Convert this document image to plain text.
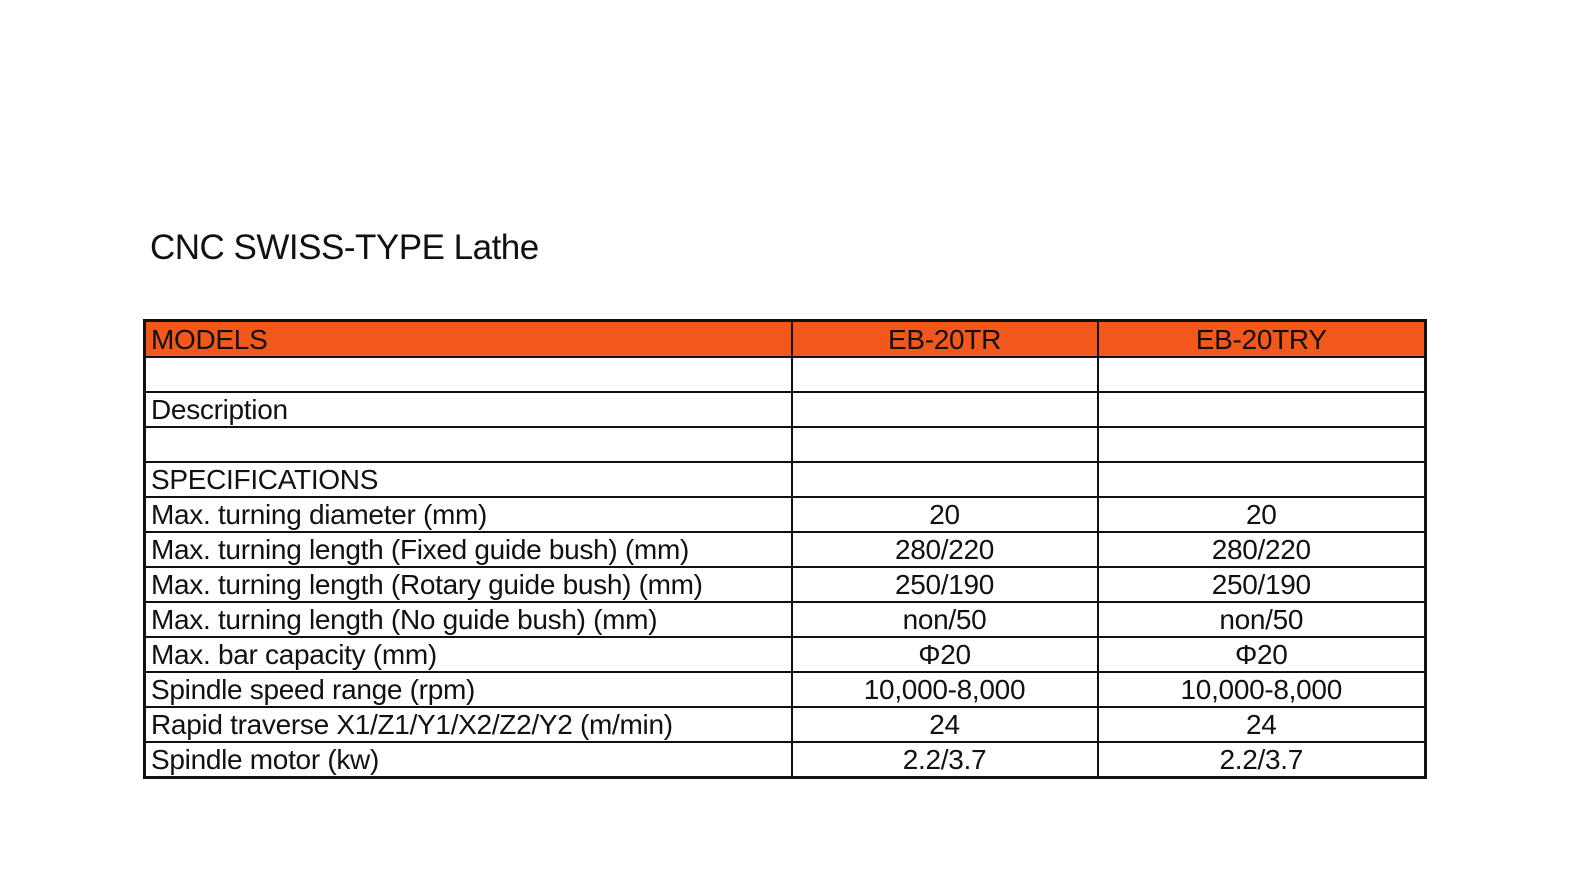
CNC SWISS-TYPE Lathe
MODELS	EB-20TR	EB-20TRY

Description		

SPECIFICATIONS		
Max. turning diameter (mm)	20	20
Max. turning length (Fixed guide bush) (mm)	280/220	280/220
Max. turning length (Rotary guide bush) (mm)	250/190	250/190
Max. turning length (No guide bush) (mm)	non/50	non/50
Max. bar capacity (mm)	Φ20	Φ20
Spindle speed range (rpm)	10,000-8,000	10,000-8,000
Rapid traverse X1/Z1/Y1/X2/Z2/Y2 (m/min)	24	24
Spindle motor (kw)	2.2/3.7	2.2/3.7
